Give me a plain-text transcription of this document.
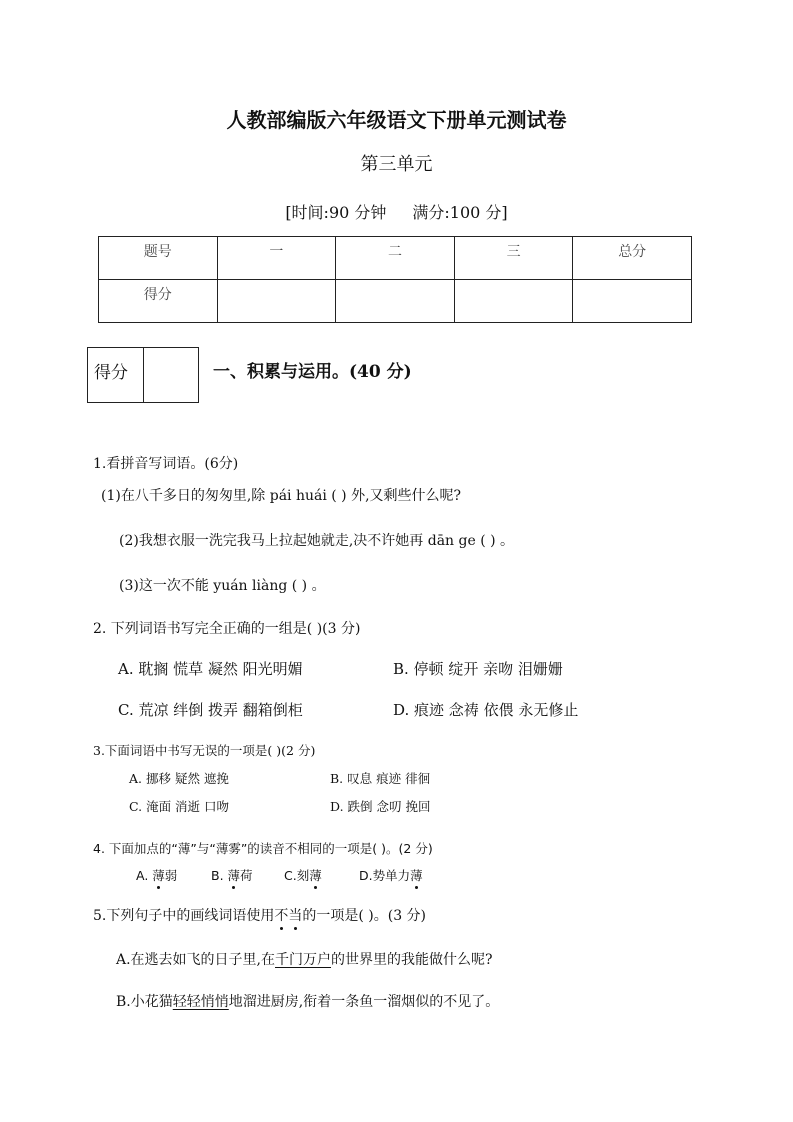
人教部编版六年级语文下册单元测试卷
第三单元
[时间:90 分钟 满分:100 分]
题号	一	二	三	总分
得分				
得分		一、积累与运用。(40 分)
1.看拼音写词语。(6分)
(1)在八千多日的匆匆里,除 pái huái ( ) 外,又剩些什么呢?
(2)我想衣服一洗完我马上拉起她就走,决不许她再 dān ge ( ) 。
(3)这一次不能 yuán liàng ( ) 。
2. 下列词语书写完全正确的一组是( )(3 分)
A. 耽搁 慌草 凝然 阳光明媚	B. 停顿 绽开 亲吻 泪姗姗
C. 荒凉 绊倒 拨弄 翻箱倒柜	D. 痕迹 念祷 依偎 永无修止
3.下面词语中书写无误的一项是( )(2 分)
A. 挪移 疑然 遮挽	B. 叹息 痕迹 徘徊
C. 淹面 消逝 口吻	D. 跌倒 念叨 挽回
4. 下面加点的“薄”与“薄雾”的读音不相同的一项是( )。(2 分)
A. 薄弱	B. 薄荷	C.刻薄	D.势单力薄
5.下列句子中的画线词语使用不当的一项是( )。(3 分)
A.在逃去如飞的日子里,在千门万户的世界里的我能做什么呢?
B.小花猫轻轻悄悄地溜进厨房,衔着一条鱼一溜烟似的不见了。
